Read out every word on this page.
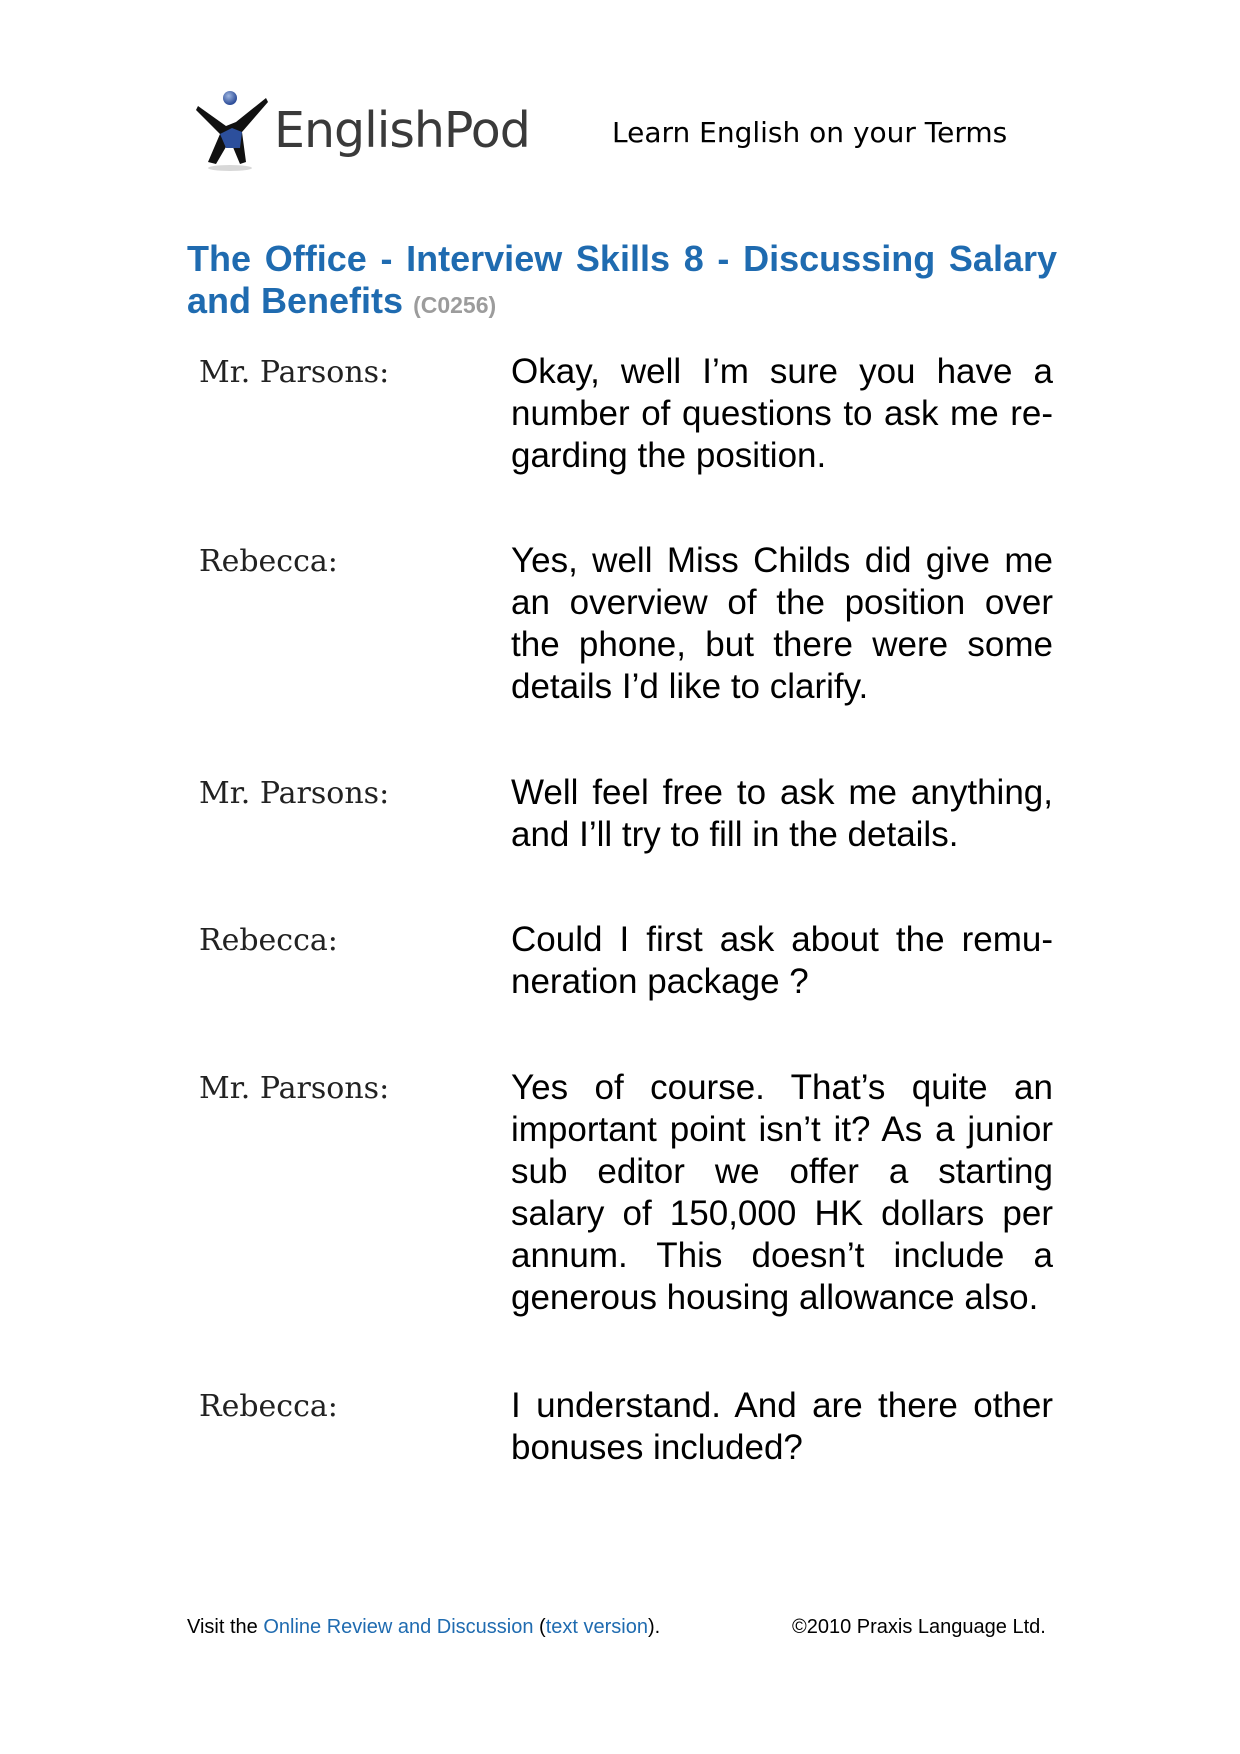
EnglishPod	Learn English on your Terms
The Office - Interview Skills 8 - Discussing Salary and Benefits (C0256)
Mr. Parsons:	Okay, well I’m sure you have a number of questions to ask me regarding the position.
Rebecca:	Yes, well Miss Childs did give me an overview of the position over the phone, but there were some details I’d like to clarify.
Mr. Parsons:	Well feel free to ask me anything, and I’ll try to fill in the details.
Rebecca:	Could I first ask about the remuneration package ?
Mr. Parsons:	Yes of course. That’s quite an important point isn’t it? As a junior sub editor we offer a starting salary of 150,000 HK dollars per annum. This doesn’t include a generous housing allowance also.
Rebecca:	I understand. And are there other bonuses included?
Visit the Online Review and Discussion (text version).	©2010 Praxis Language Ltd.
